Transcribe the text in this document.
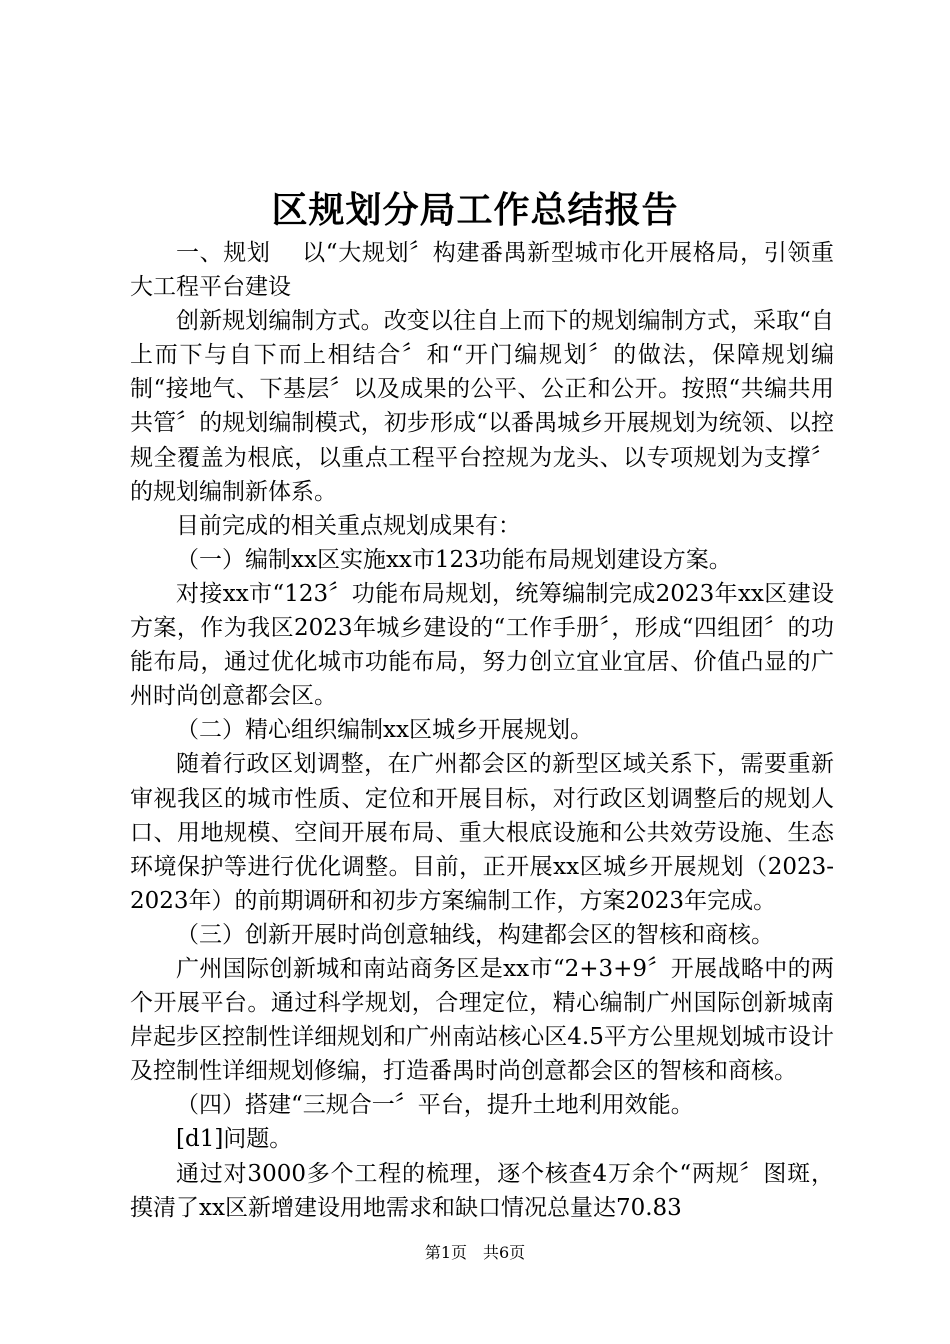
区规划分局工作总结报告

一、规划　 以“大规划〞构建番禺新型城市化开展格局，引领重大工程平台建设

创新规划编制方式。改变以往自上而下的规划编制方式，采取“自上而下与自下而上相结合〞和“开门编规划〞的做法，保障规划编制“接地气、下基层〞以及成果的公平、公正和公开。按照“共编共用共管〞的规划编制模式，初步形成“以番禺城乡开展规划为统领、以控规全覆盖为根底，以重点工程平台控规为龙头、以专项规划为支撑〞的规划编制新体系。

目前完成的相关重点规划成果有：

（一）编制xx区实施xx市123功能布局规划建设方案。

对接xx市“123〞功能布局规划，统筹编制完成2023年xx区建设方案，作为我区2023年城乡建设的“工作手册〞，形成“四组团〞的功能布局，通过优化城市功能布局，努力创立宜业宜居、价值凸显的广州时尚创意都会区。

（二）精心组织编制xx区城乡开展规划。

随着行政区划调整，在广州都会区的新型区域关系下，需要重新审视我区的城市性质、定位和开展目标，对行政区划调整后的规划人口、用地规模、空间开展布局、重大根底设施和公共效劳设施、生态环境保护等进行优化调整。目前，正开展xx区城乡开展规划（2023-2023年）的前期调研和初步方案编制工作，方案2023年完成。

（三）创新开展时尚创意轴线，构建都会区的智核和商核。

广州国际创新城和南站商务区是xx市“2+3+9〞开展战略中的两个开展平台。通过科学规划，合理定位，精心编制广州国际创新城南岸起步区控制性详细规划和广州南站核心区4.5平方公里规划城市设计及控制性详细规划修编，打造番禺时尚创意都会区的智核和商核。

（四）搭建“三规合一〞平台，提升土地利用效能。

[d1]问题。

通过对3000多个工程的梳理，逐个核查4万余个“两规〞图斑，摸清了xx区新增建设用地需求和缺口情况总量达70.83

第1页　共6页
